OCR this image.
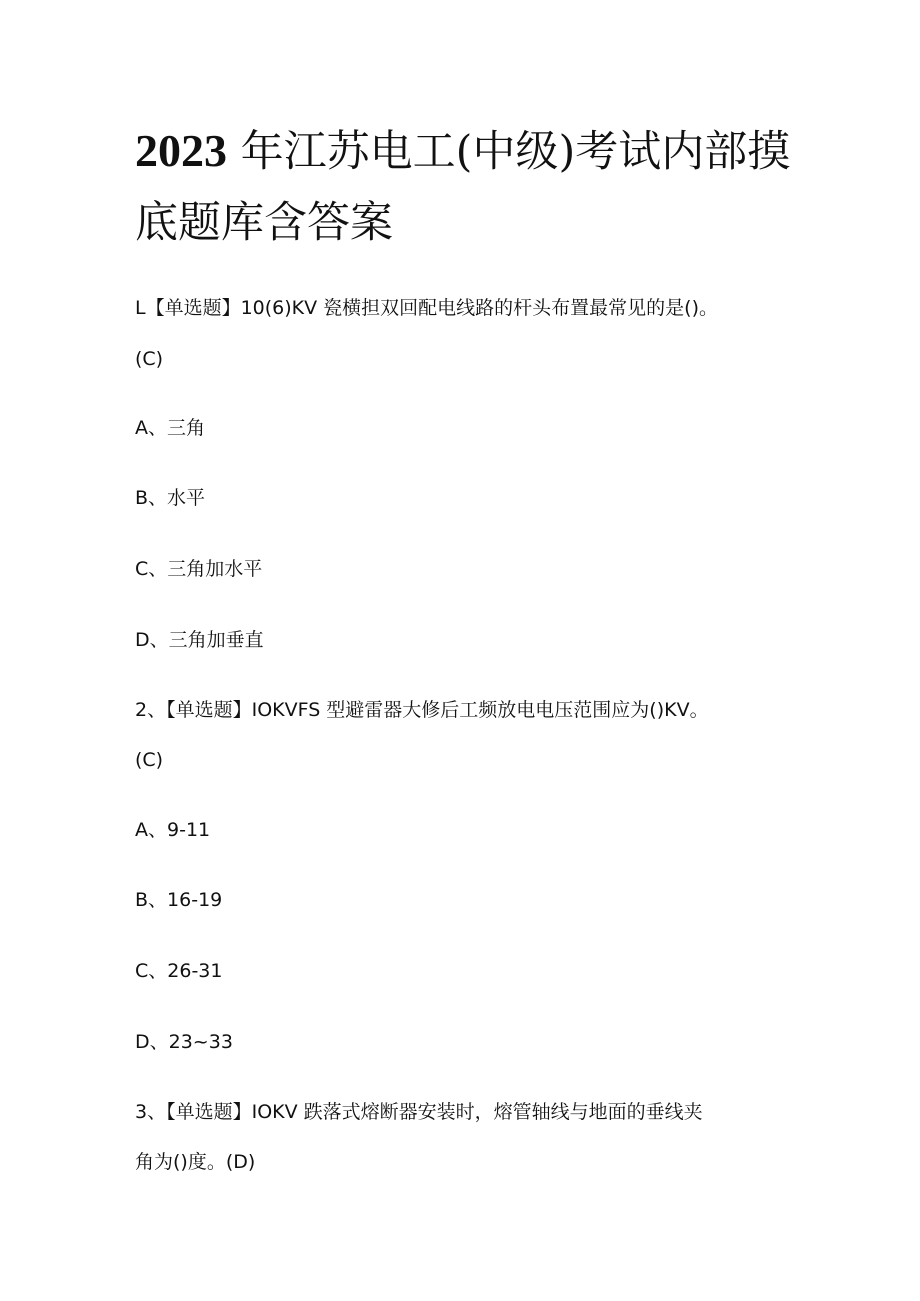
2023 年江苏电工(中级)考试内部摸
底题库含答案
L【单选题】10(6)KV 瓷横担双回配电线路的杆头布置最常见的是()。
(C)
A、三角
B、水平
C、三角加水平
D、三角加垂直
2、【单选题】IOKVFS 型避雷器大修后工频放电电压范围应为()KV。
(C)
A、9-11
B、16-19
C、26-31
D、23~33
3、【单选题】IOKV 跌落式熔断器安装时，熔管轴线与地面的垂线夹
角为()度。(D)
